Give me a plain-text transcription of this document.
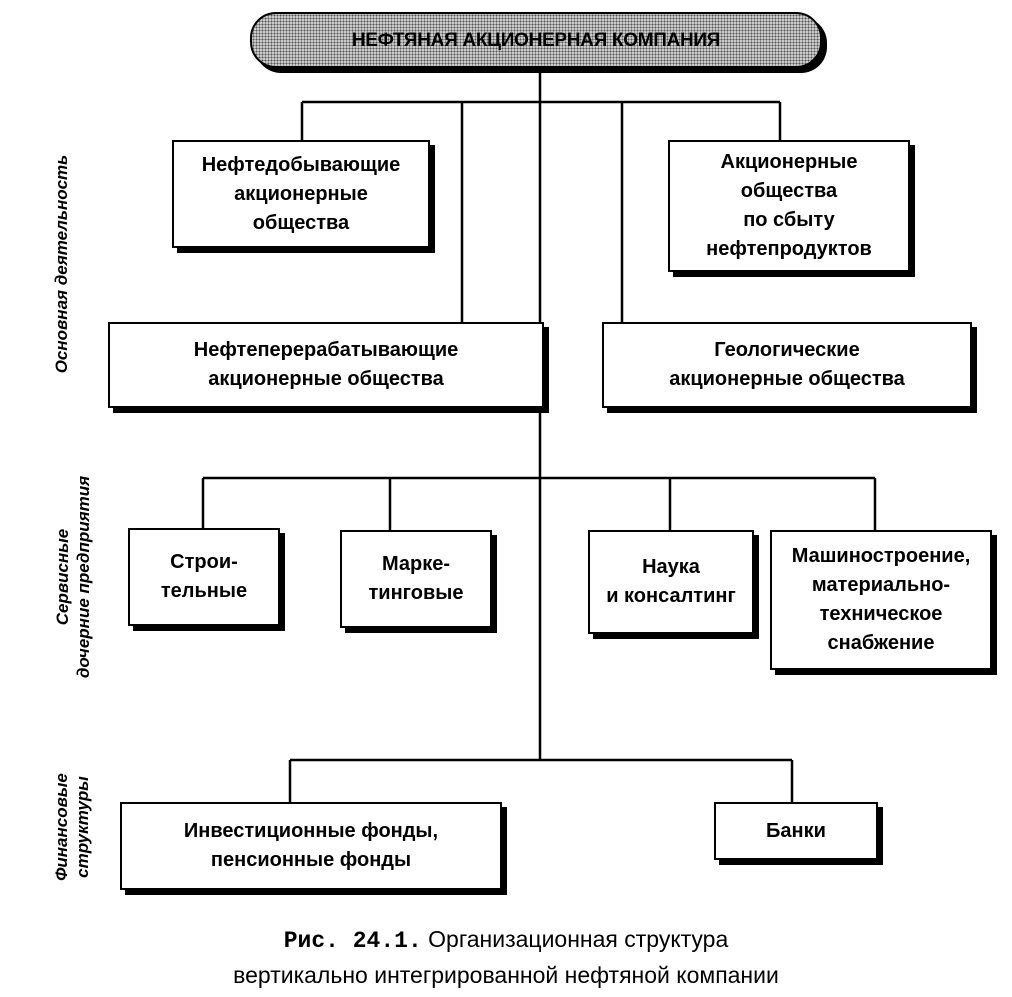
НЕФТЯНАЯ АКЦИОНЕРНАЯ КОМПАНИЯ
Нефтедобывающие
акционерные
общества
Акционерные
общества
по сбыту
нефтепродуктов
Нефтеперерабатывающие
акционерные общества
Геологические
акционерные общества
Строи-
тельные
Марке-
тинговые
Наука
и консалтинг
Машиностроение,
материально-
техническое
снабжение
Инвестиционные фонды,
пенсионные фонды
Банки

Основная деятельность

Сервисные
дочерние предприятия

Финансовые
структуры

Рис. 24.1. Организационная структура
вертикально интегрированной нефтяной компании
